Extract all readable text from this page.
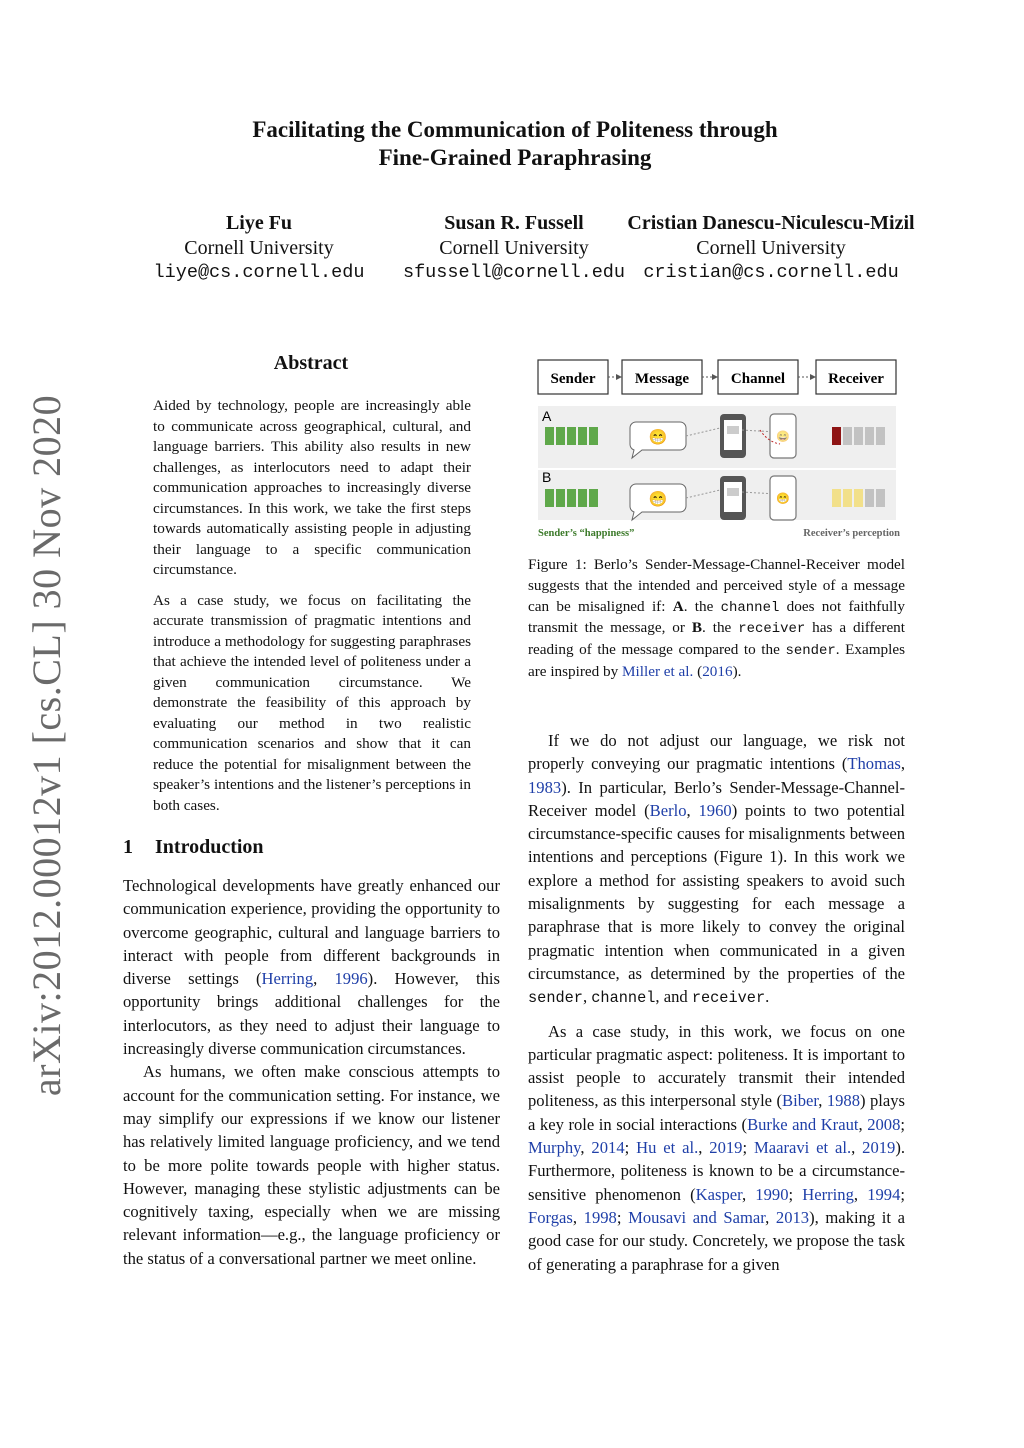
arXiv:2012.00012v1 [cs.CL] 30 Nov 2020
Facilitating the Communication of Politeness through
Fine-Grained Paraphrasing
Liye Fu
Cornell University
liye@cs.cornell.edu
Susan R. Fussell
Cornell University
sfussell@cornell.edu
Cristian Danescu-Niculescu-Mizil
Cornell University
cristian@cs.cornell.edu
Abstract

Aided by technology, people are increasingly able to communicate across geographical, cultural, and language barriers. This ability also results in new challenges, as interlocutors need to adapt their communication approaches to increasingly diverse circumstances. In this work, we take the first steps towards automatically assisting people in adjusting their language to a specific communication circumstance.

As a case study, we focus on facilitating the accurate transmission of pragmatic intentions and introduce a methodology for suggesting paraphrases that achieve the intended level of politeness under a given communication circumstance. We demonstrate the feasibility of this approach by evaluating our method in two realistic communication scenarios and show that it can reduce the potential for misalignment between the speaker’s intentions and the listener’s perceptions in both cases.

1 Introduction

Technological developments have greatly enhanced our communication experience, providing the opportunity to overcome geographic, cultural and language barriers to interact with people from different backgrounds in diverse settings (Herring, 1996). However, this opportunity brings additional challenges for the interlocutors, as they need to adjust their language to increasingly diverse communication circumstances.

As humans, we often make conscious attempts to account for the communication setting. For instance, we may simplify our expressions if we know our listener has relatively limited language proficiency, and we tend to be more polite towards people with higher status. However, managing these stylistic adjustments can be cognitively taxing, especially when we are missing relevant information—e.g., the language proficiency or the status of a conversational partner we meet online.

Sender	Message	Channel	Receiver
A
B
😁	😄
😁	😁
Sender’s “happiness”	Receiver’s perception
Figure 1: Berlo’s Sender-Message-Channel-Receiver model suggests that the intended and perceived style of a message can be misaligned if: A. the channel does not faithfully transmit the message, or B. the receiver has a different reading of the message compared to the sender. Examples are inspired by Miller et al. (2016).

If we do not adjust our language, we risk not properly conveying our pragmatic intentions (Thomas, 1983). In particular, Berlo’s Sender-Message-Channel-Receiver model (Berlo, 1960) points to two potential circumstance-specific causes for misalignments between intentions and perceptions (Figure 1). In this work we explore a method for assisting speakers to avoid such misalignments by suggesting for each message a paraphrase that is more likely to convey the original pragmatic intention when communicated in a given circumstance, as determined by the properties of the sender, channel, and receiver.

As a case study, in this work, we focus on one particular pragmatic aspect: politeness. It is important to assist people to accurately transmit their intended politeness, as this interpersonal style (Biber, 1988) plays a key role in social interactions (Burke and Kraut, 2008; Murphy, 2014; Hu et al., 2019; Maaravi et al., 2019). Furthermore, politeness is known to be a circumstance-sensitive phenomenon (Kasper, 1990; Herring, 1994; Forgas, 1998; Mousavi and Samar, 2013), making it a good case for our study. Concretely, we propose the task of generating a paraphrase for a given
